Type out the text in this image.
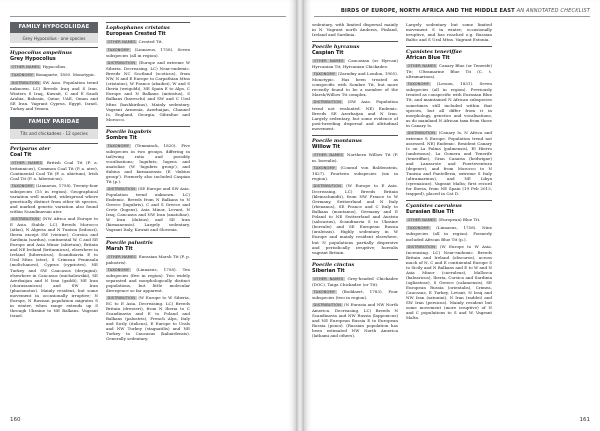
FAMILY HYPOCOLIIDAE
Grey Hypocolius · one species
Hypocolius ampelinus
Grey Hypocolius
OTHER NAMES Hypocolius.
TAXONOMY Bonaparte, 1850. Monotypic.
DISTRIBUTION SW Asia. Population trend unknown. LC) Breeds Iraq and S Iran. Winters S Iraq, Kuwait, C and E Saudi Arabia, Bahrain, Qatar, UAE, Oman and SE Iran. Vagrant Cyprus, Egypt, Israel, Turkey and Yemen.
FAMILY PARIDAE
Tits and chickadees · 12 species
Periparus ater
Coal Tit
OTHER NAMES British Coal Tit (P. a. britannicus), Common Coal Tit (P. a. ater), Continental Coal Tit (P. a. abietum), Irish Coal Tit (P. a. hibernicus).
TAXONOMY (Linnaeus, 1758). Twenty-four subspecies (15 in region). Geographical variation well marked, widespread where genetically distinct from other tit species, and marked genetic variation also found within Scandinavian ater.
DISTRIBUTION (NW Africa and Europe to E Asia. Stable. LC) Breeds Morocco (atlas), N Algeria and N Tunisia (ledouci), Iberia except SW (vieirae), Corsica and Sardinia (sardus), continental W, C and SE Europe and Asia Minor (abietum), Britain and NE Ireland (britannicus), elsewhere in Ireland (hibernicus), Scandinavia E to Ural Mtns (ater), S Crimean Peninsula (moltchanovi), Cyprus (cypriotes), NE Turkey and SW Caucasus (derjugini), elsewhere in Caucasus (michalowskii), SE Azerbaijan and N Iran (gaddi), NE Iran (chorassanicus) and SW Iran (phaeonotus). Mainly resident, but some movement in occasionally irruptive; N Europe, N Russian population migrates S in winter, when range extends up S through Ukraine to NE Balkans. Vagrant Israel.
Lophophanes cristatus
European Crested Tit
OTHER NAMES Crested Tit.
TAXONOMY (Linnaeus, 1758). Seven subspecies (all in region).
DISTRIBUTION (Europe and extreme W Siberia. Decreasing. LC) Near-endemic. Breeds NC Scotland (scoticus), from NW, N and E Europe to Carpathian Mtns (cristatus), W France (abadiei), W and S Iberia (weigoldi), NE Spain E to Alps, C Europe and N Balkans (mitratus), S Balkans (baveschi) and SW and C Ural Mtns (bashkirikus). Mainly sedentary. Vagrant Armenia, Azerbaijan, Channel Is, England, Georgia, Gibraltar and Morocco.
Poecile lugubris
Sombre Tit
TAXONOMY (Temminck, 1820). Five subspecies in two groups, differing in tail/wing ratio and possibly vocalisations; lugubris, lugens and anatoliae (W 'lugubris group'), and dubius and kirmanensis (E 'dubius group'). Formerly also included Caspian Tit (p.).
DISTRIBUTION (SE Europe and SW Asia. Population trend unknown. LC) Endemic. Breeds from N Balkans to N Greece (lugubris), C and S Greece and Crete (lugens), Asia Minor, Levant, N Iraq, Caucasus and NW Iran (anatoliae), W Iran (dubius) and SE Iran (kirmanensis). Largely sedentary. Vagrant Italy, Kuwait and Slovenia.
Poecile palustris
Marsh Tit
OTHER NAMES Eurasian Marsh Tit (P. p. palustris).
TAXONOMY (Linnaeus, 1758). Ten subspecies (five in region). Two widely separated and morphologically distinct populations, but little molecular divergence so far apparent.
DISTRIBUTION (W Europe to W Siberia, EC to E Asia. Decreasing. LC) Breeds Britain (dresseri), from N Iberia to C Scandinavia and E to Poland and Balkans (palustris), French Alps, Italy and Sicily (italicus), E Europe to Urals and NW Turkey (stagnatilis) and NE Turkey to Caucasus (kabardensis). Generally sedentary.
160
BIRDS OF EUROPE, NORTH AFRICA AND THE MIDDLE EAST AN ANNOTATED CHECKLIST
sedentary, with limited dispersal mainly in N. Vagrant north Andorra, Finland, Ireland and Sardinia.
Poecile hyrcanus
Caspian Tit
OTHER NAMES Caucasian (or Hyrcan) Hyrcanian Tit, Hyrcanian Chickadee.
TAXONOMY (Zarudny and Loudon, 1905). Monotypic. Has been treated as conspecific with Sombre Tit, but more recently found to be a member of the Marsh/Willow Tit complex.
DISTRIBUTION (SW Asia. Population trend not evaluated. NE) Endemic. Breeds SE Azerbaijan and N Iran. Largely sedentary, but some evidence of post-breeding dispersal and altitudinal movement.
Poecile montanus
Willow Tit
OTHER NAMES Northern Willow Tit (P. m. borealis).
TAXONOMY (Conrad von Baldenstein, 1827). Fourteen subspecies (six in region).
DISTRIBUTION (W Europe to E Asia. Decreasing. LC) Breeds Britain (kleinschmidti), from NW France to W Germany, Switzerland and N Italy (rhenanus), SE France and C Italy to Balkans (montanus), Germany and E Poland to NE Switzerland and Austria (salicarius), Scandinavia S to Ukraine (borealis) and SE European Russia (uralensis). Highly sedentary in W Europe and mainly resident elsewhere, but N populations partially dispersive and periodically irruptive; borealis vagrant Britain.
Poecile cinctus
Siberian Tit
OTHER NAMES Grey-headed Chickadee (DOC), Taiga Chickadee (or Tit).
TAXONOMY (Boddaert, 1783). Four subspecies (two in region).
DISTRIBUTION (N Eurasia and NW North America. Decreasing. LC) Breeds N Scandinavia and NW Russia (lapponicus) and NE European Russia E to European Russia (ponoi). (Russian population has been estimated NW North America (lathami and others).
Largely sedentary but some limited movement S in winter; occasionally irruptive, and has reached e.g. Russian Baltic and S Ural Mtns. Vagrant Estonia.
Cyanistes teneriffae
African Blue Tit
OTHER NAMES Canary Blue (or Tenerife) Tit; Ultramarine Blue Tit (C. t. ultramarinus).
TAXONOMY (Lesson, 1831). Seven subspecies (all in region). Previously treated as conspecific with Eurasian Blue Tit, and maintained N African subspecies sometimes still included within that species, but all differ from it in morphology, genetics and vocalisations, as do mainland N African taxa from those in Canary Is.
DISTRIBUTION (Canary Is, N Africa and extreme S Europe. Population trend not assessed. NE) Endemic. Resident Canary Is on La Palma (palmensis), El Hierro (ombriosus), La Gomera and Tenerife (teneriffae), Gran Canaria (hedwigae) and Lanzarote and Fuerteventura (degener), and from Morocco to N Tunisia and Pantelleria, extreme S Italy (ultramarinus), and NE Libya (cyrenaicae). Vagrant Malta; first record for Iberia, from NE Spain (19 Feb 2013, trapped), placed in Cat D.
Cyanistes caeruleus
Eurasian Blue Tit
OTHER NAMES (European) Blue Tit.
TAXONOMY (Linnaeus, 1758). Nine subspecies (all in region). Formerly included African Blue Tit (p.).
DISTRIBUTION (W Europe to W Asia. Increasing. LC) Near-endemic. Breeds Britain and Ireland (obscurus), across much of N, C and E continental Europe S to Sicily and N Balkans and E to W and N Asia Minor (caeruleus), Mallorca (balearicus), Iberia, Corsica and Sardinia (ogliastrae), S Greece (calamensis), SE European Russia (orientalis), Crimea, Caucasus, E Turkey, Levant, N Iraq and NW Iran (satunini), N Iran (raddei) and SW Iran (persicus). Mainly resident but some movement (more irruptive) of N and C populations to S and W. Vagrant Malta.
161
